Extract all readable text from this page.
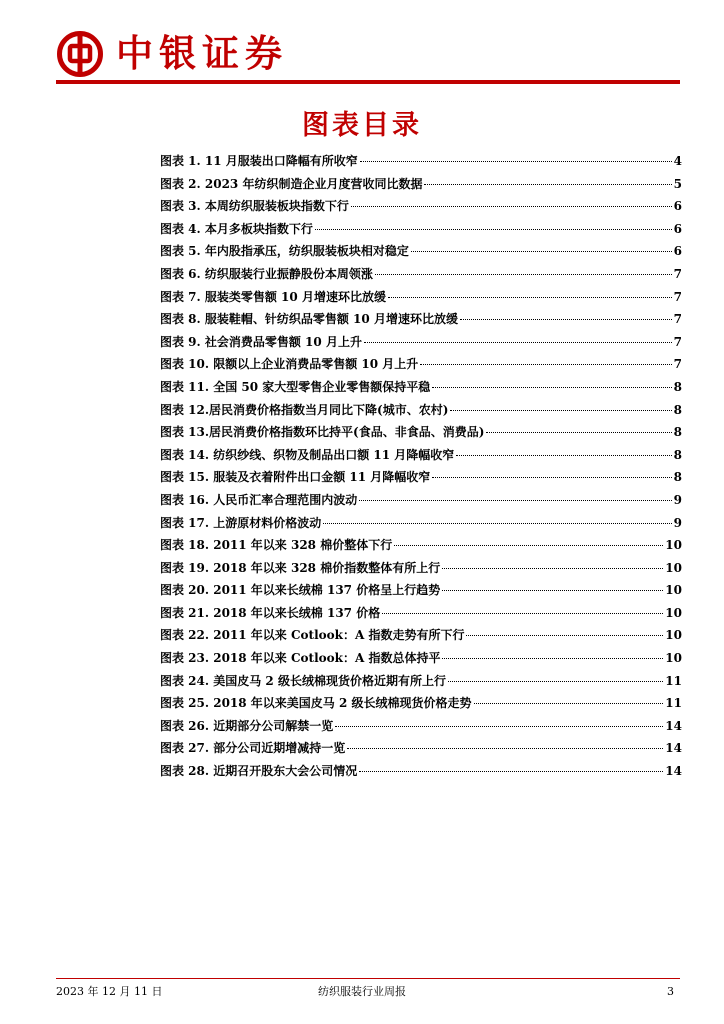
中银证券
图表目录
图表 1. 11 月服装出口降幅有所收窄	4
图表 2. 2023 年纺织制造企业月度营收同比数据	5
图表 3. 本周纺织服装板块指数下行	6
图表 4. 本月多板块指数下行	6
图表 5. 年内股指承压，纺织服装板块相对稳定	6
图表 6. 纺织服装行业振静股份本周领涨	7
图表 7. 服装类零售额 10 月增速环比放缓	7
图表 8. 服装鞋帽、针纺织品零售额 10 月增速环比放缓	7
图表 9. 社会消费品零售额 10 月上升	7
图表 10. 限额以上企业消费品零售额 10 月上升	7
图表 11. 全国 50 家大型零售企业零售额保持平稳	8
图表 12.居民消费价格指数当月同比下降(城市、农村)	8
图表 13.居民消费价格指数环比持平(食品、非食品、消费品)	8
图表 14. 纺织纱线、织物及制品出口额 11 月降幅收窄	8
图表 15. 服装及衣着附件出口金额 11 月降幅收窄	8
图表 16. 人民币汇率合理范围内波动	9
图表 17. 上游原材料价格波动	9
图表 18. 2011 年以来 328 棉价整体下行	10
图表 19. 2018 年以来 328 棉价指数整体有所上行	10
图表 20. 2011 年以来长绒棉 137 价格呈上行趋势	10
图表 21. 2018 年以来长绒棉 137 价格	10
图表 22. 2011 年以来 Cotlook：A 指数走势有所下行	10
图表 23. 2018 年以来 Cotlook：A 指数总体持平	10
图表 24. 美国皮马 2 级长绒棉现货价格近期有所上行	11
图表 25. 2018 年以来美国皮马 2 级长绒棉现货价格走势	11
图表 26. 近期部分公司解禁一览	14
图表 27. 部分公司近期增减持一览	14
图表 28. 近期召开股东大会公司情况	14
2023 年 12 月 11 日	纺织服装行业周报	3
